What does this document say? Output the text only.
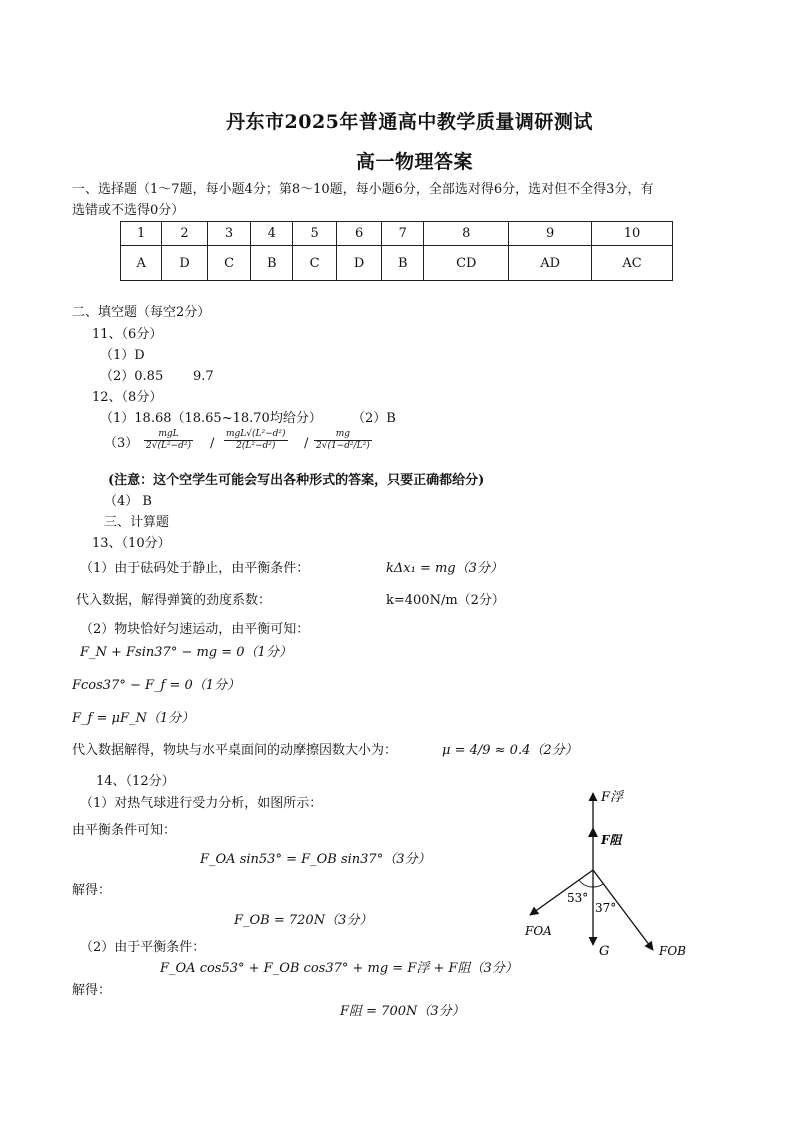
丹东市2025年普通高中教学质量调研测试
高一物理答案
一、选择题（1～7题，每小题4分；第8～10题，每小题6分，全部选对得6分，选对但不全得3分，有
选错或不选得0分）
1	2	3	4	5	6	7	8	9	10
A	D	C	B	C	D	B	CD	AD	AC
二、填空题（每空2分）
11、（6分）
（1）D
（2）0.85 9.7
12、（8分）
（1）18.68（18.65~18.70均给分） （2）B
$(3) \frac{\text{mgL}}{\text{2√(L²−d²)}} / \frac{\text{mgL√(L²−d²)}}{\text{2(L²−d²)}} / \frac{mg}{\text{2√(1−d²/L²)}}$
(注意：这个空学生可能会写出各种形式的答案，只要正确都给分)
（4） B
三、计算题
13、（10分）
（1）由于砝码处于静止，由平衡条件：	kΔx₁ = mg（3分）
代入数据，解得弹簧的劲度系数：	k=400N/m（2分）
（2）物块恰好匀速运动，由平衡可知：
F_N + Fsin37° − mg = 0（1分）
Fcos37° − F_f = 0（1分）
F_f = μF_N（1分）
代入数据解得，物块与水平桌面间的动摩擦因数大小为：	μ = 4/9 ≈ 0.4（2分）
14、（12分）
（1）对热气球进行受力分析，如图所示：
由平衡条件可知：
F_OA sin53° = F_OB sin37°（3分）
解得：
F_OB = 720N（3分）
（2）由于平衡条件：
F_OA cos53° + F_OB cos37° + mg = F浮 + F阻（3分）
解得：
F阻 = 700N（3分）
F浮
F阻
53°
37°
FOA
G	FOB
